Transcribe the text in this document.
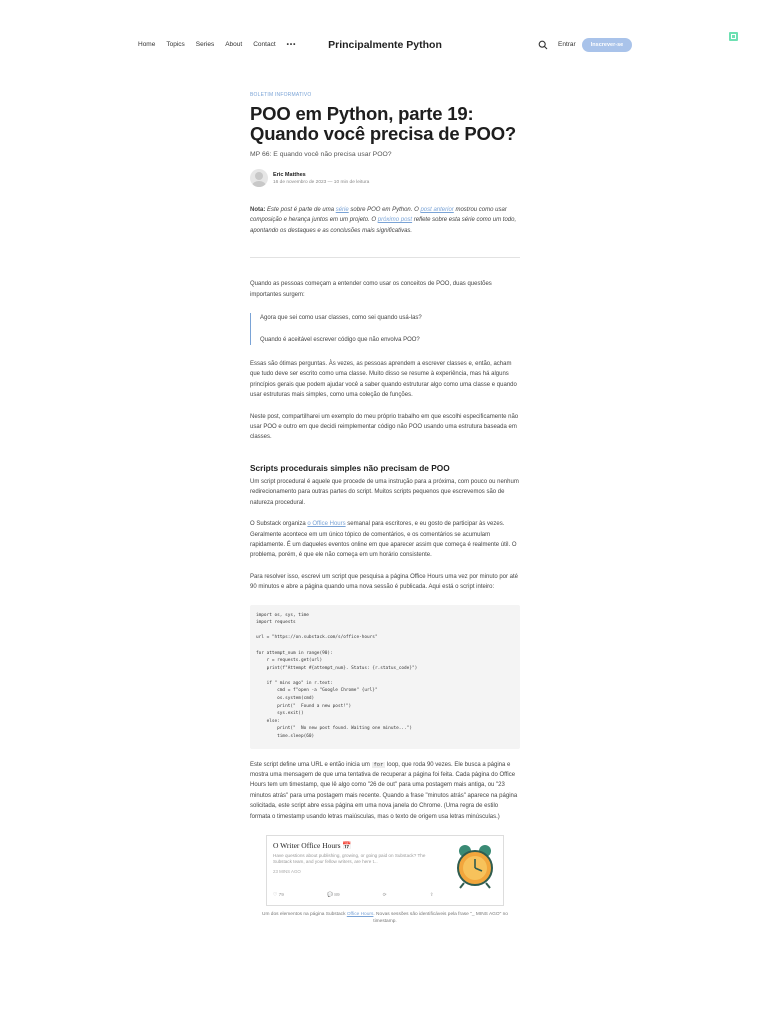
Home Topics Series About Contact •••	Principalmente Python	Entrar	Inscrever-se
BOLETIM INFORMATIVO
POO em Python, parte 19: Quando você precisa de POO?
MP 66: E quando você não precisa usar POO?
Eric Matthes
16 de novembro de 2023 — 10 min de leitura

Nota: Este post é parte de uma série sobre POO em Python. O post anterior mostrou como usar composição e herança juntos em um projeto. O próximo post reflete sobre esta série como um todo, apontando os destaques e as conclusões mais significativas.

Quando as pessoas começam a entender como usar os conceitos de POO, duas questões importantes surgem:

Agora que sei como usar classes, como sei quando usá-las?

Quando é aceitável escrever código que não envolva POO?

Essas são ótimas perguntas. Às vezes, as pessoas aprendem a escrever classes e, então, acham que tudo deve ser escrito como uma classe. Muito disso se resume à experiência, mas há alguns princípios gerais que podem ajudar você a saber quando estruturar algo como uma classe e quando usar estruturas mais simples, como uma coleção de funções.

Neste post, compartilharei um exemplo do meu próprio trabalho em que escolhi especificamente não usar POO e outro em que decidi reimplementar código não POO usando uma estrutura baseada em classes.

Scripts procedurais simples não precisam de POO

Um script procedural é aquele que procede de uma instrução para a próxima, com pouco ou nenhum redirecionamento para outras partes do script. Muitos scripts pequenos que escrevemos são de natureza procedural.

O Substack organiza o Office Hours semanal para escritores, e eu gosto de participar às vezes. Geralmente acontece em um único tópico de comentários, e os comentários se acumulam rapidamente. É um daqueles eventos online em que aparecer assim que começa é realmente útil. O problema, porém, é que ele não começa em um horário consistente.

Para resolver isso, escrevi um script que pesquisa a página Office Hours uma vez por minuto por até 90 minutos e abre a página quando uma nova sessão é publicada. Aqui está o script inteiro:

import os, sys, time
import requests

url = "https://on.substack.com/s/office-hours"

for attempt_num in range(90):
r = requests.get(url)
print(f"Attempt #{attempt_num}. Status: {r.status_code}")

if " mins ago" in r.text:
cmd = f"open -a "Google Chrome" {url}"
os.system(cmd)
print("  Found a new post!")
sys.exit()
else:
print("  No new post found. Waiting one minute...")
time.sleep(60)

Este script define uma URL e então inicia um for loop, que roda 90 vezes. Ele busca a página e mostra uma mensagem de que uma tentativa de recuperar a página foi feita. Cada página do Office Hours tem um timestamp, que lê algo como "26 de out" para uma postagem mais antiga, ou "23 minutos atrás" para uma postagem mais recente. Quando a frase "minutos atrás" aparece na página solicitada, este script abre essa página em uma nova janela do Chrome. (Uma regra de estilo formata o timestamp usando letras maiúsculas, mas o texto de origem usa letras minúsculas.)

O Writer Office Hours 📅
Have questions about publishing, growing, or going paid on Substack? The Substack team, and your fellow writers, are here t...
23 MINS AGO
♡ 79	💬 89	⟳	⇪
Um dos elementos na página Substack Office Hours. Novas sessões são identificáveis pela frase "_ MINS AGO" no timestamp.
